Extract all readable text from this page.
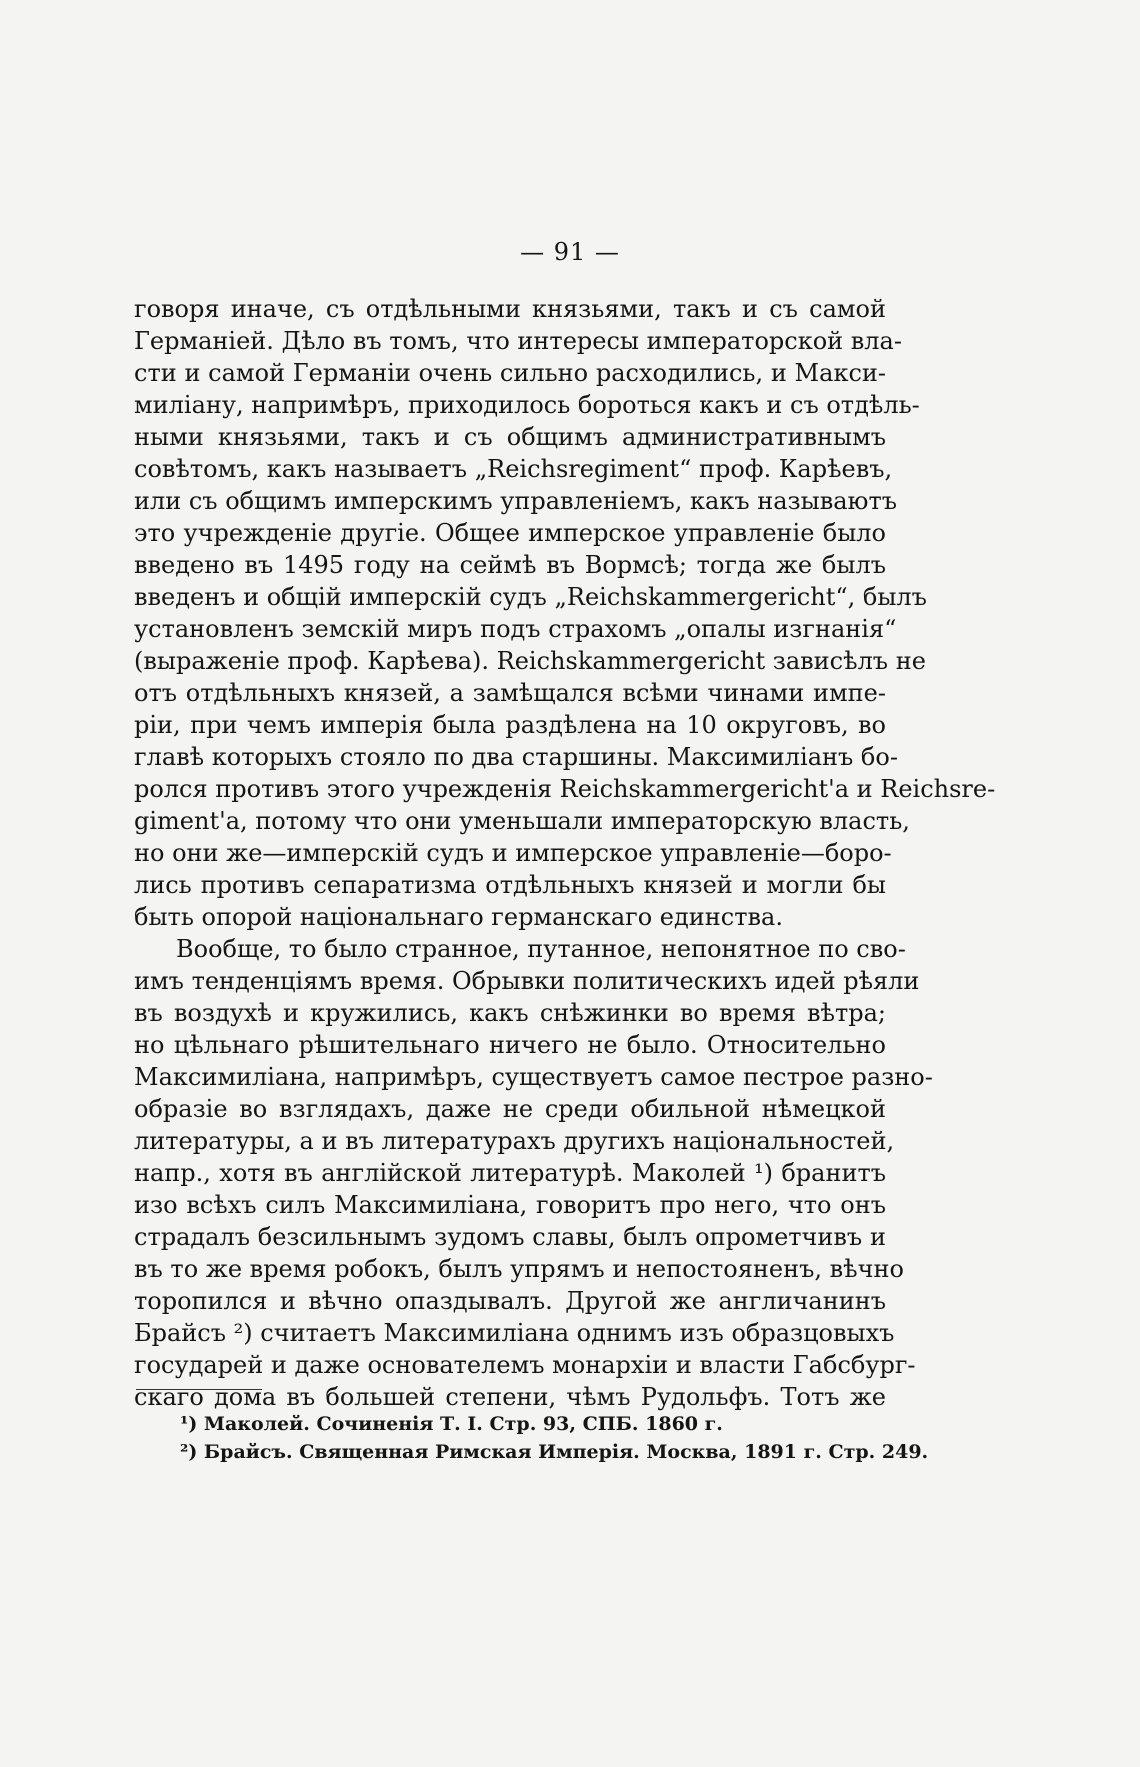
— 91 —
говоря иначе, съ отдѣльными князьями, такъ и съ самой
Германiей. Дѣло въ томъ, что интересы императорской вла-
сти и самой Германiи очень сильно расходились, и Макси-
милiану, напримѣръ, приходилось бороться какъ и съ отдѣль-
ными князьями, такъ и съ общимъ административнымъ
совѣтомъ, какъ называетъ „Reichsregiment“ проф. Карѣевъ,
или съ общимъ имперскимъ управленiемъ, какъ называютъ
это учрежденiе другiе. Общее имперское управленiе было
введено въ 1495 году на сеймѣ въ Вормсѣ; тогда же былъ
введенъ и общiй имперскiй судъ „Reichskammergericht“, былъ
установленъ земскiй миръ подъ страхомъ „опалы изгнанiя“
(выраженiе проф. Карѣева). Reichskammergericht зависѣлъ не
отъ отдѣльныхъ князей, а замѣщался всѣми чинами импе-
рiи, при чемъ имперiя была раздѣлена на 10 округовъ, во
главѣ которыхъ стояло по два старшины. Максимилiанъ бо-
ролся противъ этого учрежденiя Reichskammergericht'а и Reichsre-
giment'а, потому что они уменьшали императорскую власть,
но они же—имперскiй судъ и имперское управленiе—боро-
лись противъ сепаратизма отдѣльныхъ князей и могли бы
быть опорой нацiональнаго германскаго единства.
Вообще, то было странное, путанное, непонятное по сво-
имъ тенденцiямъ время. Обрывки политическихъ идей рѣяли
въ воздухѣ и кружились, какъ снѣжинки во время вѣтра;
но цѣльнаго рѣшительнаго ничего не было. Относительно
Максимилiана, напримѣръ, существуетъ самое пестрое разно-
образiе во взглядахъ, даже не среди обильной нѣмецкой
литературы, а и въ литературахъ другихъ нацiональностей,
напр., хотя въ англiйской литературѣ. Маколей ¹) бранитъ
изо всѣхъ силъ Максимилiана, говоритъ про него, что онъ
страдалъ безсильнымъ зудомъ славы, былъ опрометчивъ и
въ то же время робокъ, былъ упрямъ и непостояненъ, вѣчно
торопился и вѣчно опаздывалъ. Другой же англичанинъ
Брайсъ ²) считаетъ Максимилiана однимъ изъ образцовыхъ
государей и даже основателемъ монархiи и власти Габсбург-
скаго дома въ большей степени, чѣмъ Рудольфъ. Тотъ же
¹) Маколей. Сочиненiя Т. I. Стр. 93, СПБ. 1860 г.
²) Брайсъ. Священная Римская Имперiя. Москва, 1891 г. Стр. 249.
